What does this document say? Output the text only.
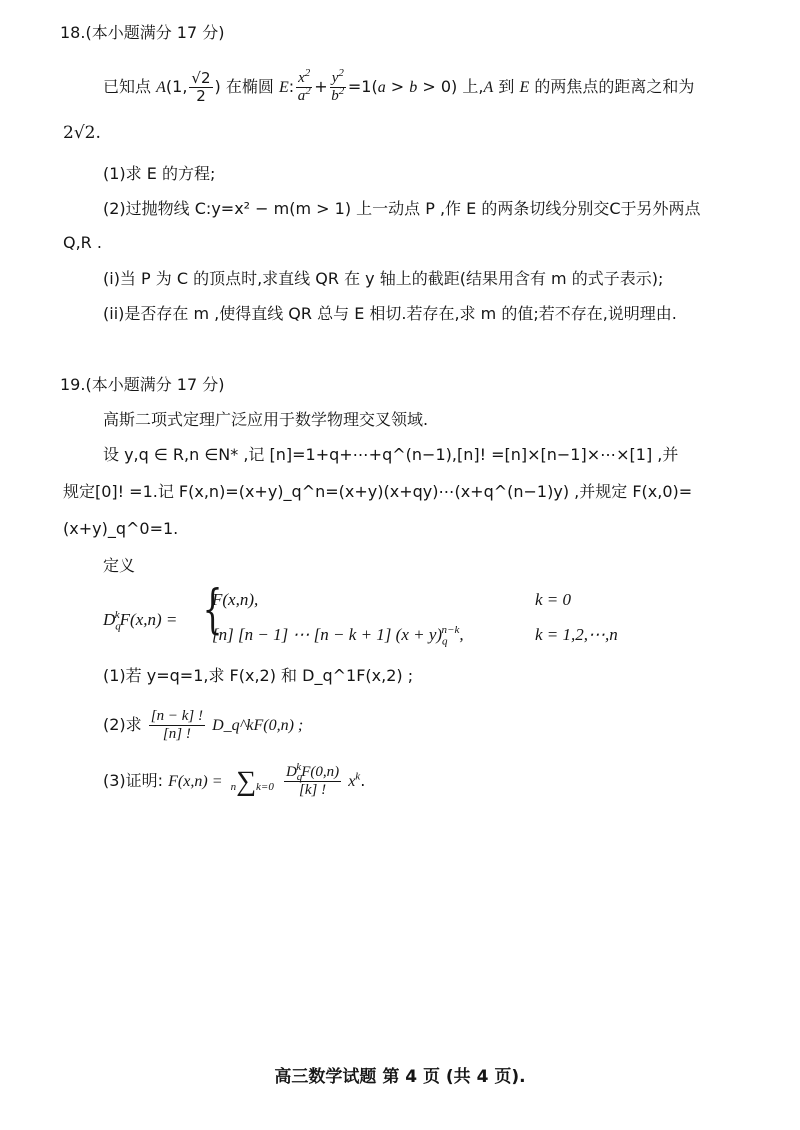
18.(本小题满分 17 分)
已知点 A(1, $\frac{√2}{2}$ ) 在椭圆 E: $\frac{x^2}{a^2} + \frac{y^2}{b^2} =1(a > b > 0)$ 上,A 到 E 的两焦点的距离之和为
2√2.
(1)求 E 的方程;
(2)过抛物线 C:y=x² − m(m > 1) 上一动点 P ,作 E 的两条切线分别交C于另外两点
Q,R .
(i)当 P 为 C 的顶点时,求直线 QR 在 y 轴上的截距(结果用含有 m 的式子表示);
(ii)是否存在 m ,使得直线 QR 总与 E 相切.若存在,求 m 的值;若不存在,说明理由.
19.(本小题满分 17 分)
高斯二项式定理广泛应用于数学物理交叉领域.
设 y,q ∈ R,n ∈N* ,记 [n]=1+q+⋯+q^(n−1),[n]! =[n]×[n−1]×⋯×[1] ,并
规定[0]! =1.记 F(x,n)=(x+y)_q^n=(x+y)(x+qy)⋯(x+q^(n−1)y) ,并规定 F(x,0)=
(x+y)_q^0=1.
定义
$D_q^kF(x,n)$ = {
F(x,n),	k = 0
[n] [n − 1] ⋯ [n − k + 1] $(x + y)_q^{n-k}$,	k = 1,2,⋯,n
(1)若 y=q=1,求 F(x,2) 和 D_q^1F(x,2) ;
(2)求 $\frac{[n - k] !}{[n] !}$ D_q^kF(0,n) ;
(3)证明: $F(x,n) = n\sum k=0 \frac{D_q^kF(0,n)}{[k] !} x^k$.
高三数学试题 第 4 页 (共 4 页).
